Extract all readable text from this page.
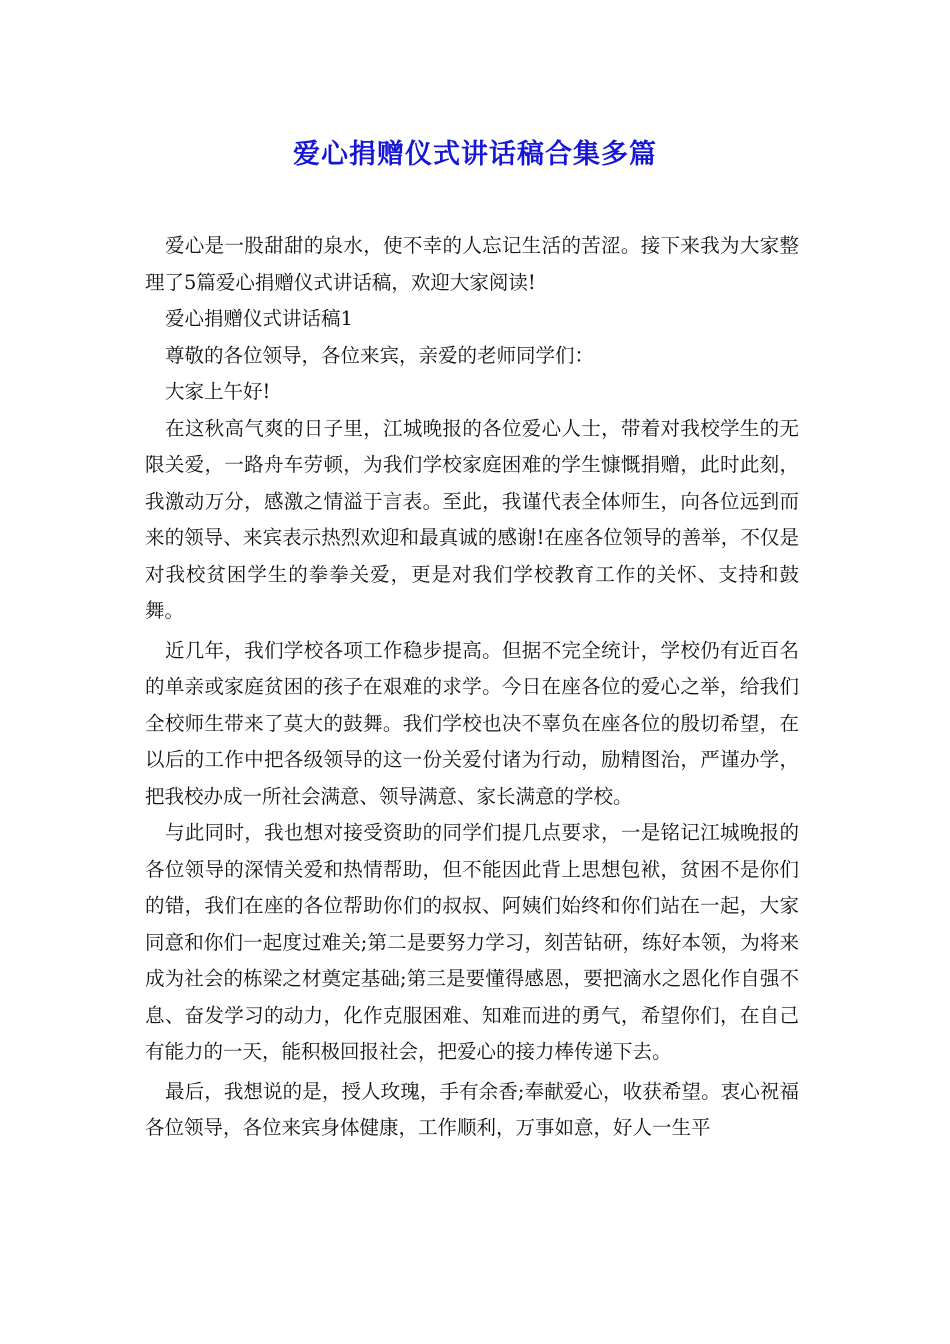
爱心捐赠仪式讲话稿合集多篇

爱心是一股甜甜的泉水，使不幸的人忘记生活的苦涩。接下来我为大家整理了5篇爱心捐赠仪式讲话稿，欢迎大家阅读!

爱心捐赠仪式讲话稿1

尊敬的各位领导，各位来宾，亲爱的老师同学们：

大家上午好!

在这秋高气爽的日子里，江城晚报的各位爱心人士，带着对我校学生的无限关爱，一路舟车劳顿，为我们学校家庭困难的学生慷慨捐赠，此时此刻，我激动万分，感激之情溢于言表。至此，我谨代表全体师生，向各位远到而来的领导、来宾表示热烈欢迎和最真诚的感谢!在座各位领导的善举，不仅是对我校贫困学生的拳拳关爱，更是对我们学校教育工作的关怀、支持和鼓舞。

近几年，我们学校各项工作稳步提高。但据不完全统计，学校仍有近百名的单亲或家庭贫困的孩子在艰难的求学。今日在座各位的爱心之举，给我们全校师生带来了莫大的鼓舞。我们学校也决不辜负在座各位的殷切希望，在以后的工作中把各级领导的这一份关爱付诸为行动，励精图治，严谨办学，把我校办成一所社会满意、领导满意、家长满意的学校。

与此同时，我也想对接受资助的同学们提几点要求，一是铭记江城晚报的各位领导的深情关爱和热情帮助，但不能因此背上思想包袱，贫困不是你们的错，我们在座的各位帮助你们的叔叔、阿姨们始终和你们站在一起，大家同意和你们一起度过难关;第二是要努力学习，刻苦钻研，练好本领，为将来成为社会的栋梁之材奠定基础;第三是要懂得感恩，要把滴水之恩化作自强不息、奋发学习的动力，化作克服困难、知难而进的勇气，希望你们，在自己有能力的一天，能积极回报社会，把爱心的接力棒传递下去。

最后，我想说的是，授人玫瑰，手有余香;奉献爱心，收获希望。衷心祝福各位领导，各位来宾身体健康，工作顺利，万事如意，好人一生平
